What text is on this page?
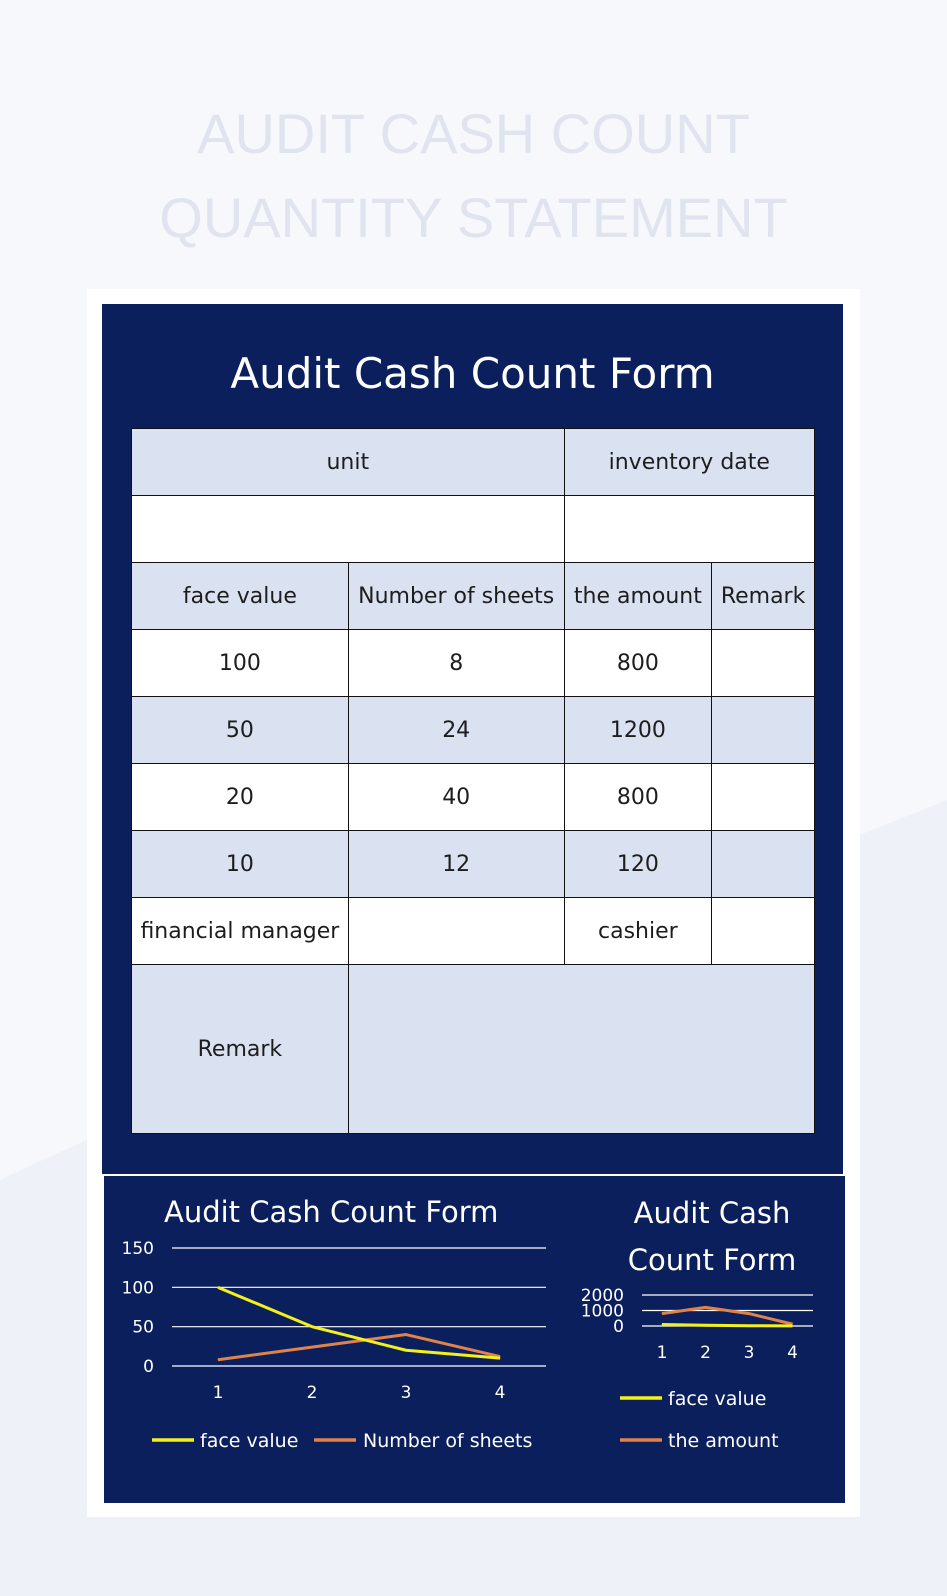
AUDIT CASH COUNT
QUANTITY STATEMENT
Audit Cash Count Form
unit		inventory date	

face value	Number of sheets	the amount	Remark
100	8	800	
50	24	1200	
20	40	800	
10	12	120	
financial manager		cashier	
Remark			
Audit Cash Count Form	Audit Cash
Count Form
150
100
50
0
1	2	3	4
face value	Number of sheets
2000
1000
0
1 2 3 4
face value
the amount
